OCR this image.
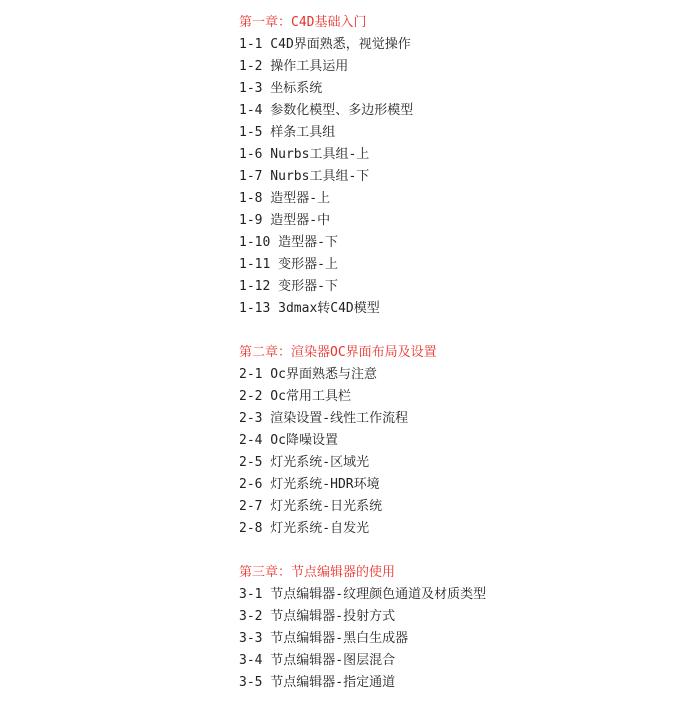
第一章：C4D基础入门
1-1 C4D界面熟悉，视觉操作
1-2 操作工具运用
1-3 坐标系统
1-4 参数化模型、多边形模型
1-5 样条工具组
1-6 Nurbs工具组-上
1-7 Nurbs工具组-下
1-8 造型器-上
1-9 造型器-中
1-10 造型器-下
1-11 变形器-上
1-12 变形器-下
1-13 3dmax转C4D模型
第二章：渲染器OC界面布局及设置
2-1 Oc界面熟悉与注意
2-2 Oc常用工具栏
2-3 渲染设置-线性工作流程
2-4 Oc降噪设置
2-5 灯光系统-区域光
2-6 灯光系统-HDR环境
2-7 灯光系统-日光系统
2-8 灯光系统-自发光
第三章：节点编辑器的使用
3-1 节点编辑器-纹理颜色通道及材质类型
3-2 节点编辑器-投射方式
3-3 节点编辑器-黑白生成器
3-4 节点编辑器-图层混合
3-5 节点编辑器-指定通道
